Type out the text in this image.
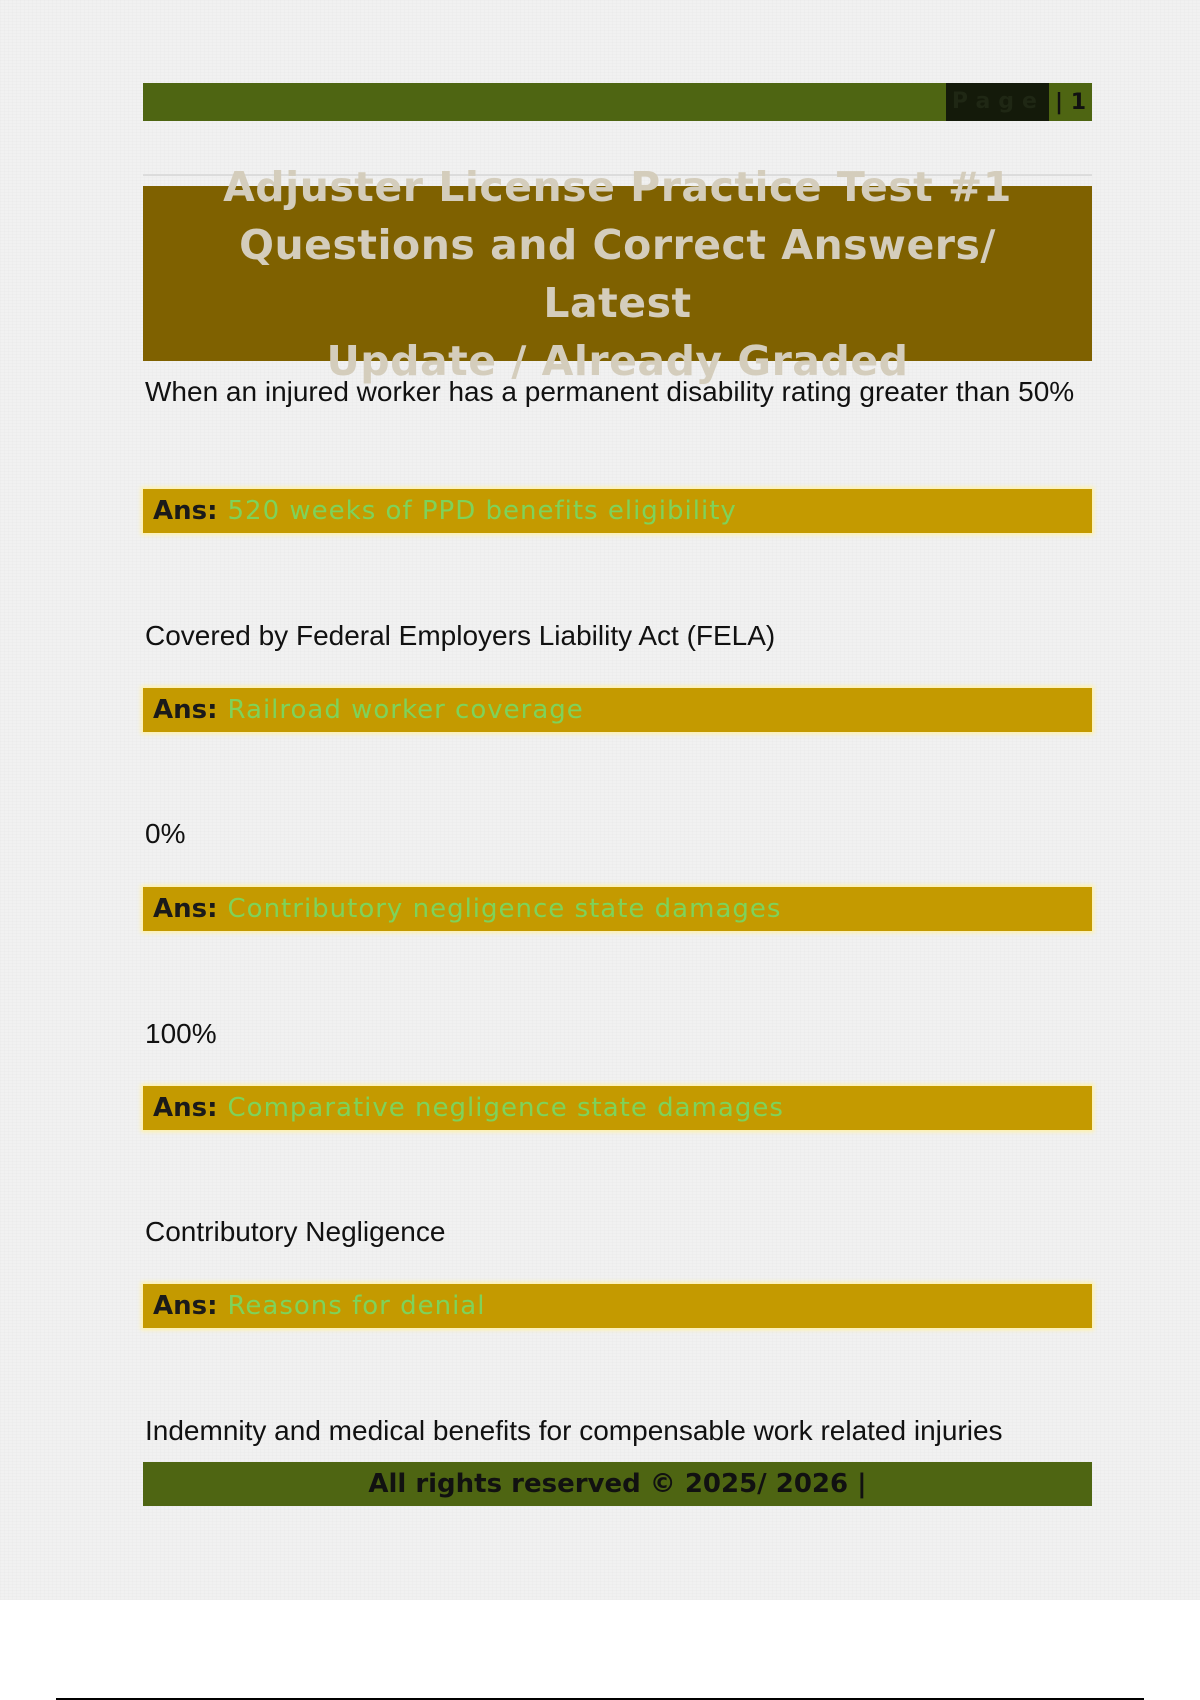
Page | 1
Adjuster License Practice Test #1
Questions and Correct Answers/ Latest
Update / Already Graded
When an injured worker has a permanent disability rating greater than 50%
Ans: 520 weeks of PPD benefits eligibility
Covered by Federal Employers Liability Act (FELA)
Ans: Railroad worker coverage
0%
Ans: Contributory negligence state damages
100%
Ans: Comparative negligence state damages
Contributory Negligence
Ans: Reasons for denial
Indemnity and medical benefits for compensable work related injuries
All rights reserved © 2025/ 2026 |
